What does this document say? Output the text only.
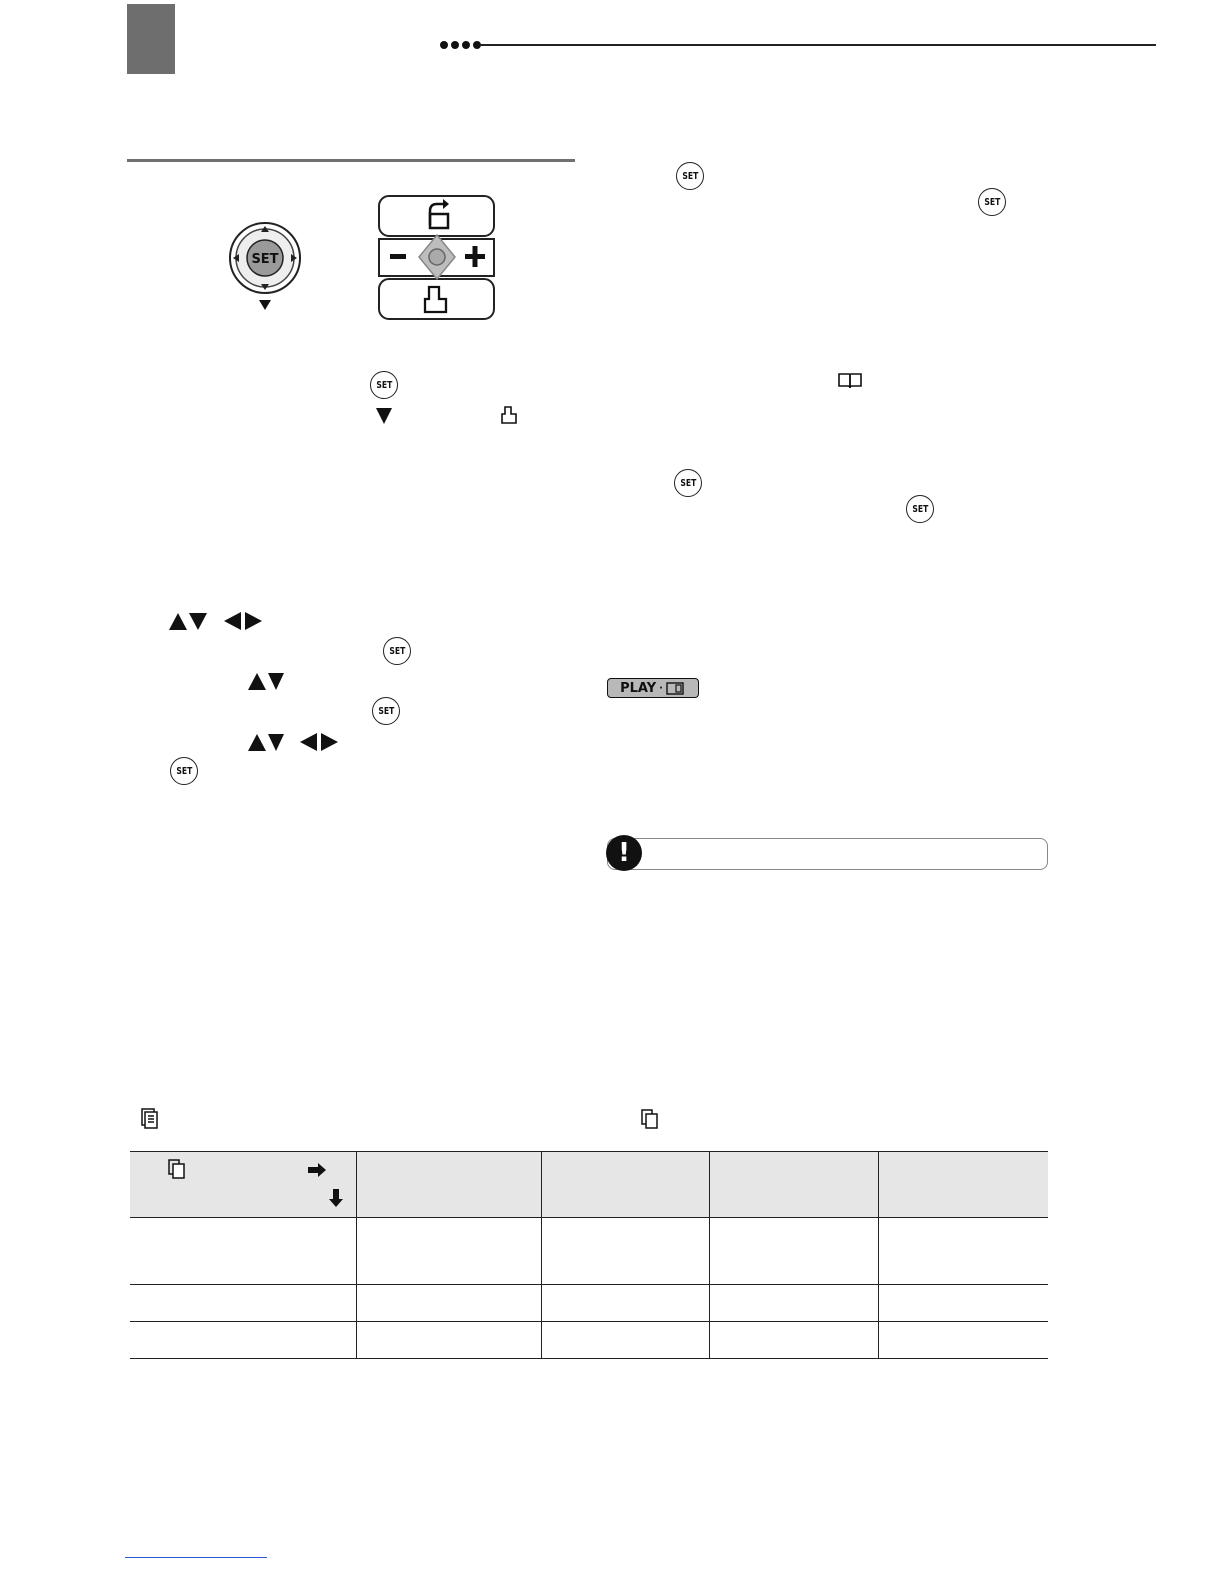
SET
SET
SET
SET
SET
SET
SET
SET
SET
PLAY ·
!
